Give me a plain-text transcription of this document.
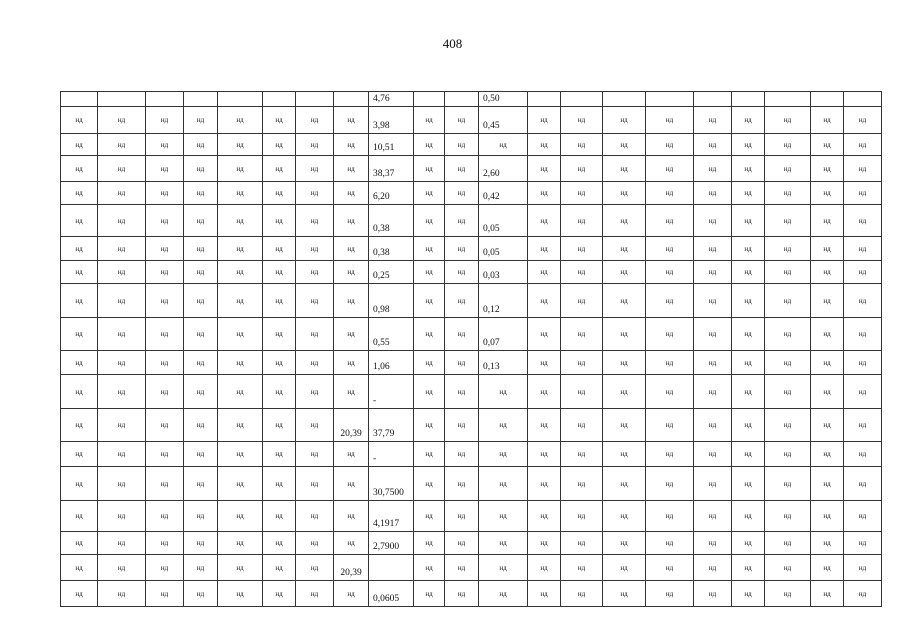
408
								4,76			0,50									
нд	нд	нд	нд	нд	нд	нд	нд	3,98	нд	нд	0,45	нд	нд	нд	нд	нд	нд	нд	нд	нд
нд	нд	нд	нд	нд	нд	нд	нд	10,51	нд	нд	нд	нд	нд	нд	нд	нд	нд	нд	нд	нд
нд	нд	нд	нд	нд	нд	нд	нд	38,37	нд	нд	2,60	нд	нд	нд	нд	нд	нд	нд	нд	нд
нд	нд	нд	нд	нд	нд	нд	нд	6,20	нд	нд	0,42	нд	нд	нд	нд	нд	нд	нд	нд	нд
нд	нд	нд	нд	нд	нд	нд	нд	0,38	нд	нд	0,05	нд	нд	нд	нд	нд	нд	нд	нд	нд
нд	нд	нд	нд	нд	нд	нд	нд	0,38	нд	нд	0,05	нд	нд	нд	нд	нд	нд	нд	нд	нд
нд	нд	нд	нд	нд	нд	нд	нд	0,25	нд	нд	0,03	нд	нд	нд	нд	нд	нд	нд	нд	нд
нд	нд	нд	нд	нд	нд	нд	нд	0,98	нд	нд	0,12	нд	нд	нд	нд	нд	нд	нд	нд	нд
нд	нд	нд	нд	нд	нд	нд	нд	0,55	нд	нд	0,07	нд	нд	нд	нд	нд	нд	нд	нд	нд
нд	нд	нд	нд	нд	нд	нд	нд	1,06	нд	нд	0,13	нд	нд	нд	нд	нд	нд	нд	нд	нд
нд	нд	нд	нд	нд	нд	нд	нд	-	нд	нд	нд	нд	нд	нд	нд	нд	нд	нд	нд	нд
нд	нд	нд	нд	нд	нд	нд	20,39	37,79	нд	нд	нд	нд	нд	нд	нд	нд	нд	нд	нд	нд
нд	нд	нд	нд	нд	нд	нд	нд	-	нд	нд	нд	нд	нд	нд	нд	нд	нд	нд	нд	нд
нд	нд	нд	нд	нд	нд	нд	нд	30,7500	нд	нд	нд	нд	нд	нд	нд	нд	нд	нд	нд	нд
нд	нд	нд	нд	нд	нд	нд	нд	4,1917	нд	нд	нд	нд	нд	нд	нд	нд	нд	нд	нд	нд
нд	нд	нд	нд	нд	нд	нд	нд	2,7900	нд	нд	нд	нд	нд	нд	нд	нд	нд	нд	нд	нд
нд	нд	нд	нд	нд	нд	нд	20,39		нд	нд	нд	нд	нд	нд	нд	нд	нд	нд	нд	нд
нд	нд	нд	нд	нд	нд	нд	нд	0,0605	нд	нд	нд	нд	нд	нд	нд	нд	нд	нд	нд	нд
